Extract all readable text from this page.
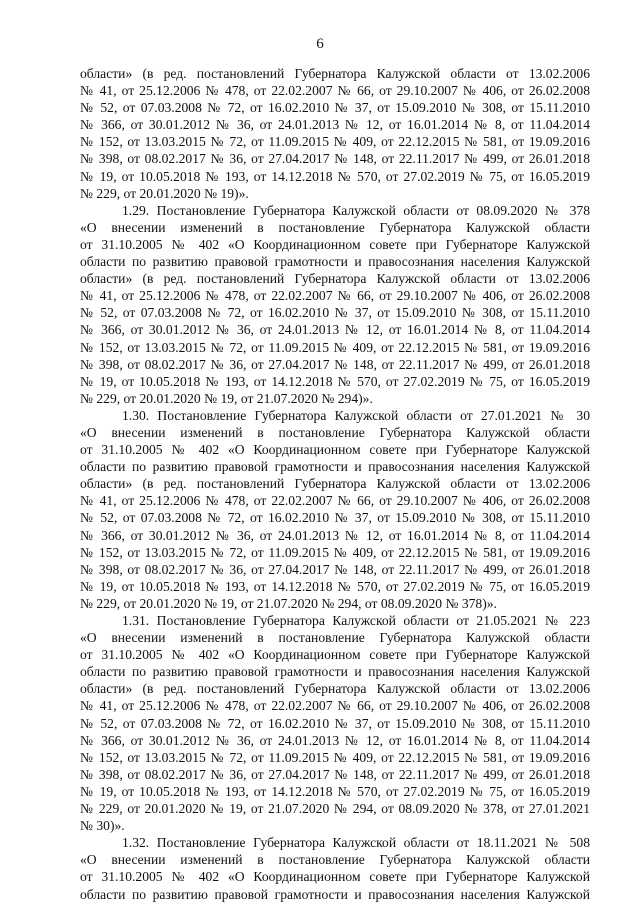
6
области» (в ред. постановлений Губернатора Калужской области от 13.02.2006
№ 41, от 25.12.2006 № 478, от 22.02.2007 № 66, от 29.10.2007 № 406, от 26.02.2008
№ 52, от 07.03.2008 № 72, от 16.02.2010 № 37, от 15.09.2010 № 308, от 15.11.2010
№ 366, от 30.01.2012 № 36, от 24.01.2013 № 12, от 16.01.2014 № 8, от 11.04.2014
№ 152, от 13.03.2015 № 72, от 11.09.2015 № 409, от 22.12.2015 № 581, от 19.09.2016
№ 398, от 08.02.2017 № 36, от 27.04.2017 № 148, от 22.11.2017 № 499, от 26.01.2018
№ 19, от 10.05.2018 № 193, от 14.12.2018 № 570, от 27.02.2019 № 75, от 16.05.2019
№ 229, от 20.01.2020 № 19)».
1.29. Постановление Губернатора Калужской области от 08.09.2020 № 378
«О внесении изменений в постановление Губернатора Калужской области
от 31.10.2005 № 402 «О Координационном совете при Губернаторе Калужской
области по развитию правовой грамотности и правосознания населения Калужской
области» (в ред. постановлений Губернатора Калужской области от 13.02.2006
№ 41, от 25.12.2006 № 478, от 22.02.2007 № 66, от 29.10.2007 № 406, от 26.02.2008
№ 52, от 07.03.2008 № 72, от 16.02.2010 № 37, от 15.09.2010 № 308, от 15.11.2010
№ 366, от 30.01.2012 № 36, от 24.01.2013 № 12, от 16.01.2014 № 8, от 11.04.2014
№ 152, от 13.03.2015 № 72, от 11.09.2015 № 409, от 22.12.2015 № 581, от 19.09.2016
№ 398, от 08.02.2017 № 36, от 27.04.2017 № 148, от 22.11.2017 № 499, от 26.01.2018
№ 19, от 10.05.2018 № 193, от 14.12.2018 № 570, от 27.02.2019 № 75, от 16.05.2019
№ 229, от 20.01.2020 № 19, от 21.07.2020 № 294)».
1.30. Постановление Губернатора Калужской области от 27.01.2021 № 30
«О внесении изменений в постановление Губернатора Калужской области
от 31.10.2005 № 402 «О Координационном совете при Губернаторе Калужской
области по развитию правовой грамотности и правосознания населения Калужской
области» (в ред. постановлений Губернатора Калужской области от 13.02.2006
№ 41, от 25.12.2006 № 478, от 22.02.2007 № 66, от 29.10.2007 № 406, от 26.02.2008
№ 52, от 07.03.2008 № 72, от 16.02.2010 № 37, от 15.09.2010 № 308, от 15.11.2010
№ 366, от 30.01.2012 № 36, от 24.01.2013 № 12, от 16.01.2014 № 8, от 11.04.2014
№ 152, от 13.03.2015 № 72, от 11.09.2015 № 409, от 22.12.2015 № 581, от 19.09.2016
№ 398, от 08.02.2017 № 36, от 27.04.2017 № 148, от 22.11.2017 № 499, от 26.01.2018
№ 19, от 10.05.2018 № 193, от 14.12.2018 № 570, от 27.02.2019 № 75, от 16.05.2019
№ 229, от 20.01.2020 № 19, от 21.07.2020 № 294, от 08.09.2020 № 378)».
1.31. Постановление Губернатора Калужской области от 21.05.2021 № 223
«О внесении изменений в постановление Губернатора Калужской области
от 31.10.2005 № 402 «О Координационном совете при Губернаторе Калужской
области по развитию правовой грамотности и правосознания населения Калужской
области» (в ред. постановлений Губернатора Калужской области от 13.02.2006
№ 41, от 25.12.2006 № 478, от 22.02.2007 № 66, от 29.10.2007 № 406, от 26.02.2008
№ 52, от 07.03.2008 № 72, от 16.02.2010 № 37, от 15.09.2010 № 308, от 15.11.2010
№ 366, от 30.01.2012 № 36, от 24.01.2013 № 12, от 16.01.2014 № 8, от 11.04.2014
№ 152, от 13.03.2015 № 72, от 11.09.2015 № 409, от 22.12.2015 № 581, от 19.09.2016
№ 398, от 08.02.2017 № 36, от 27.04.2017 № 148, от 22.11.2017 № 499, от 26.01.2018
№ 19, от 10.05.2018 № 193, от 14.12.2018 № 570, от 27.02.2019 № 75, от 16.05.2019
№ 229, от 20.01.2020 № 19, от 21.07.2020 № 294, от 08.09.2020 № 378, от 27.01.2021
№ 30)».
1.32. Постановление Губернатора Калужской области от 18.11.2021 № 508
«О внесении изменений в постановление Губернатора Калужской области
от 31.10.2005 № 402 «О Координационном совете при Губернаторе Калужской
области по развитию правовой грамотности и правосознания населения Калужской
